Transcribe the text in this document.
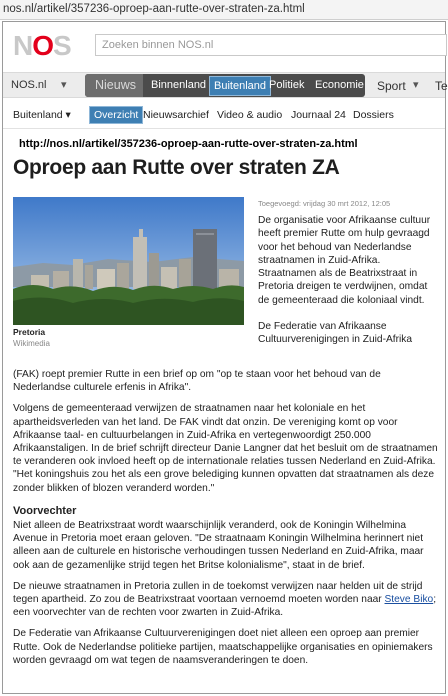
nos.nl/artikel/357236-oproep-aan-rutte-over-straten-za.html
NOS
Zoeken binnen NOS.nl
NOS.nl ▾	Nieuws	Binnenland Buitenland Politiek Economie Sport ▾ Te
Buitenland ▾	Overzicht Nieuwsarchief Video & audio Journaal 24 Dossiers
http://nos.nl/artikel/357236-oproep-aan-rutte-over-straten-za.html
Oproep aan Rutte over straten ZA
Pretoria
Wikimedia
Toegevoegd: vrijdag 30 mrt 2012, 12:05

De organisatie voor Afrikaanse cultuur heeft premier Rutte om hulp gevraagd voor het behoud van Nederlandse straatnamen in Zuid-Afrika. Straatnamen als de Beatrixstraat in Pretoria dreigen te verdwijnen, omdat de gemeenteraad die koloniaal vindt.

De Federatie van Afrikaanse Cultuurverenigingen in Zuid-Afrika

(FAK) roept premier Rutte in een brief op om "op te staan voor het behoud van de Nederlandse culturele erfenis in Afrika".

Volgens de gemeenteraad verwijzen de straatnamen naar het koloniale en het apartheidsverleden van het land. De FAK vindt dat onzin. De vereniging komt op voor Afrikaanse taal- en cultuurbelangen in Zuid-Afrika en vertegenwoordigt 250.000 Afrikaanstaligen. In de brief schrijft directeur Danie Langner dat het besluit om de straatnamen te veranderen ook invloed heeft op de internationale relaties tussen Nederland en Zuid-Afrika. "Het koningshuis zou het als een grove belediging kunnen opvatten dat straatnamen als deze zonder blikken of blozen veranderd worden."

Voorvechter

Niet alleen de Beatrixstraat wordt waarschijnlijk veranderd, ook de Koningin Wilhelmina Avenue in Pretoria moet eraan geloven. "De straatnaam Koningin Wilhelmina herinnert niet alleen aan de culturele en historische verhoudingen tussen Nederland en Zuid-Afrika, maar ook aan de gezamenlijke strijd tegen het Britse kolonialisme", staat in de brief.

De nieuwe straatnamen in Pretoria zullen in de toekomst verwijzen naar helden uit de strijd tegen apartheid. Zo zou de Beatrixstraat voortaan vernoemd moeten worden naar Steve Biko; een voorvechter van de rechten voor zwarten in Zuid-Afrika.

De Federatie van Afrikaanse Cultuurverenigingen doet niet alleen een oproep aan premier Rutte. Ook de Nederlandse politieke partijen, maatschappelijke organisaties en opiniemakers worden gevraagd om wat tegen de naamsveranderingen te doen.
